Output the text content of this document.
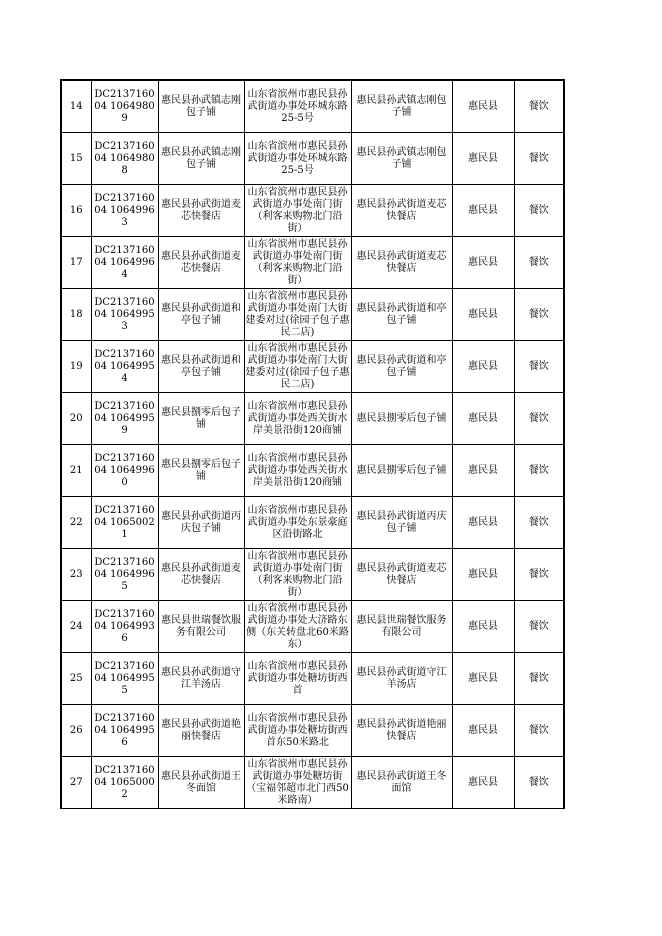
14	DC213716004 10649809	惠民县孙武镇志刚包子铺	山东省滨州市惠民县孙武街道办事处环城东路25-5号	惠民县孙武镇志刚包子铺	惠民县	餐饮
15	DC213716004 10649808	惠民县孙武镇志刚包子铺	山东省滨州市惠民县孙武街道办事处环城东路25-5号	惠民县孙武镇志刚包子铺	惠民县	餐饮
16	DC213716004 10649963	惠民县孙武街道麦芯快餐店	山东省滨州市惠民县孙武街道办事处南门街（利客来购物北门沿街）	惠民县孙武街道麦芯快餐店	惠民县	餐饮
17	DC213716004 10649964	惠民县孙武街道麦芯快餐店	山东省滨州市惠民县孙武街道办事处南门街（利客来购物北门沿街）	惠民县孙武街道麦芯快餐店	惠民县	餐饮
18	DC213716004 10649953	惠民县孙武街道和亭包子铺	山东省滨州市惠民县孙武街道办事处南门大街建委对过(徐园子包子惠民二店)	惠民县孙武街道和亭包子铺	惠民县	餐饮
19	DC213716004 10649954	惠民县孙武街道和亭包子铺	山东省滨州市惠民县孙武街道办事处南门大街建委对过(徐园子包子惠民二店)	惠民县孙武街道和亭包子铺	惠民县	餐饮
20	DC213716004 10649959	惠民县捌零后包子铺	山东省滨州市惠民县孙武街道办事处西关街水岸美景沿街120商铺	惠民县捌零后包子铺	惠民县	餐饮
21	DC213716004 10649960	惠民县捌零后包子铺	山东省滨州市惠民县孙武街道办事处西关街水岸美景沿街120商铺	惠民县捌零后包子铺	惠民县	餐饮
22	DC213716004 10650021	惠民县孙武街道丙庆包子铺	山东省滨州市惠民县孙武街道办事处东景豪庭区沿街路北	惠民县孙武街道丙庆包子铺	惠民县	餐饮
23	DC213716004 10649965	惠民县孙武街道麦芯快餐店	山东省滨州市惠民县孙武街道办事处南门街（利客来购物北门沿街）	惠民县孙武街道麦芯快餐店	惠民县	餐饮
24	DC213716004 10649936	惠民县世瑞餐饮服务有限公司	山东省滨州市惠民县孙武街道办事处大济路东侧（东关转盘北60米路东）	惠民县世瑞餐饮服务有限公司	惠民县	餐饮
25	DC213716004 10649955	惠民县孙武街道守江羊汤店	山东省滨州市惠民县孙武街道办事处糖坊街西首	惠民县孙武街道守江羊汤店	惠民县	餐饮
26	DC213716004 10649956	惠民县孙武街道艳丽快餐店	山东省滨州市惠民县孙武街道办事处糖坊街西首东50米路北	惠民县孙武街道艳丽快餐店	惠民县	餐饮
27	DC213716004 10650002	惠民县孙武街道王冬面馆	山东省滨州市惠民县孙武街道办事处糖坊街（宝福邻超市北门西50米路南）	惠民县孙武街道王冬面馆	惠民县	餐饮
